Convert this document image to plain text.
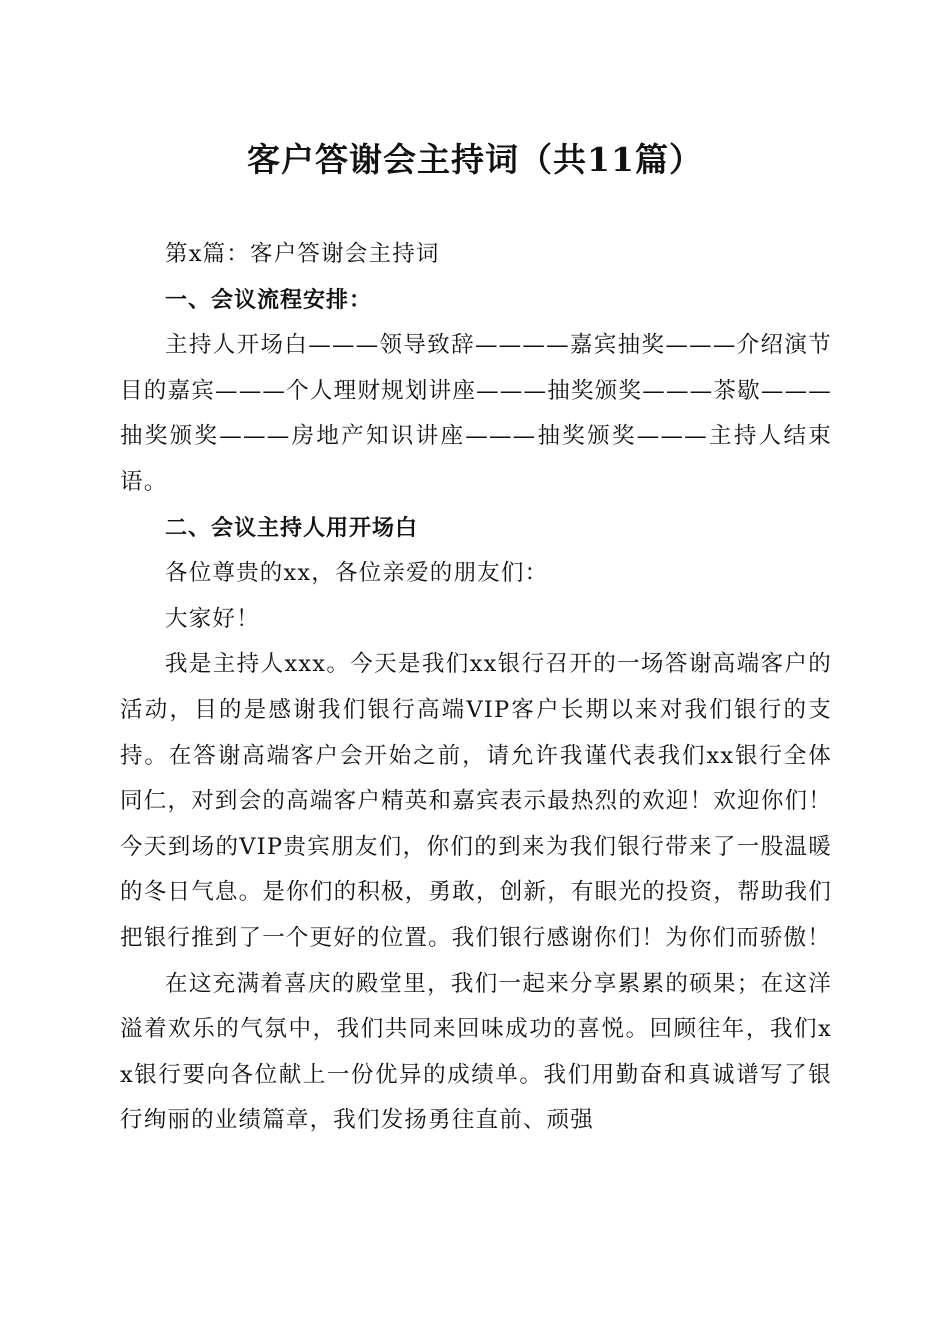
客户答谢会主持词（共11篇）

第x篇：客户答谢会主持词

一、会议流程安排：

主持人开场白———领导致辞————嘉宾抽奖———介绍演节目的嘉宾———个人理财规划讲座———抽奖颁奖———茶歇———抽奖颁奖———房地产知识讲座———抽奖颁奖———主持人结束语。

二、会议主持人用开场白

各位尊贵的xx，各位亲爱的朋友们：

大家好！

我是主持人xxx。今天是我们xx银行召开的一场答谢高端客户的活动，目的是感谢我们银行高端VIP客户长期以来对我们银行的支持。在答谢高端客户会开始之前，请允许我谨代表我们xx银行全体同仁，对到会的高端客户精英和嘉宾表示最热烈的欢迎！欢迎你们！今天到场的VIP贵宾朋友们，你们的到来为我们银行带来了一股温暖的冬日气息。是你们的积极，勇敢，创新，有眼光的投资，帮助我们把银行推到了一个更好的位置。我们银行感谢你们！为你们而骄傲！

在这充满着喜庆的殿堂里，我们一起来分享累累的硕果；在这洋溢着欢乐的气氛中，我们共同来回味成功的喜悦。回顾往年，我们xx银行要向各位献上一份优异的成绩单。我们用勤奋和真诚谱写了银行绚丽的业绩篇章，我们发扬勇往直前、顽强
